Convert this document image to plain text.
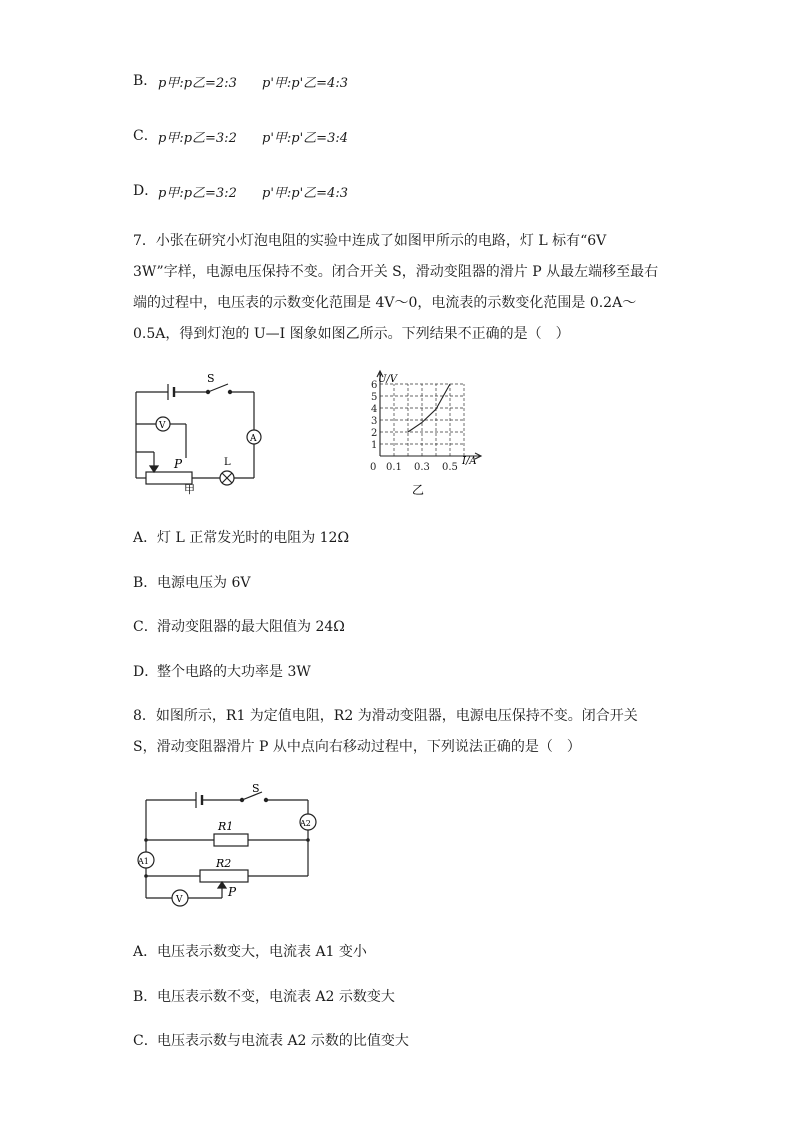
B． p甲:p乙=2:3 p'甲:p'乙=4:3
C． p甲:p乙=3:2 p'甲:p'乙=3:4
D． p甲:p乙=3:2 p'甲:p'乙=4:3
7．小张在研究小灯泡电阻的实验中连成了如图甲所示的电路，灯 L 标有“6V　3W”字样，电源电压保持不变。闭合开关 S，滑动变阻器的滑片 P 从最左端移至最右端的过程中，电压表的示数变化范围是 4V～0，电流表的示数变化范围是 0.2A～0.5A，得到灯泡的 U—I 图象如图乙所示。下列结果不正确的是（　）
S
V
A
P	L
甲
1
2
3
4
5
6
0 0.1 0.3 0.5
U/V
I/A
乙
A．灯 L 正常发光时的电阻为 12Ω
B．电源电压为 6V
C．滑动变阻器的最大阻值为 24Ω
D．整个电路的大功率是 3W
8．如图所示，R1 为定值电阻，R2 为滑动变阻器，电源电压保持不变。闭合开关 S，滑动变阻器滑片 P 从中点向右移动过程中，下列说法正确的是（　）
S
R1
R2
A2
A1
V
P
A．电压表示数变大，电流表 A1 变小
B．电压表示数不变，电流表 A2 示数变大
C．电压表示数与电流表 A2 示数的比值变大
